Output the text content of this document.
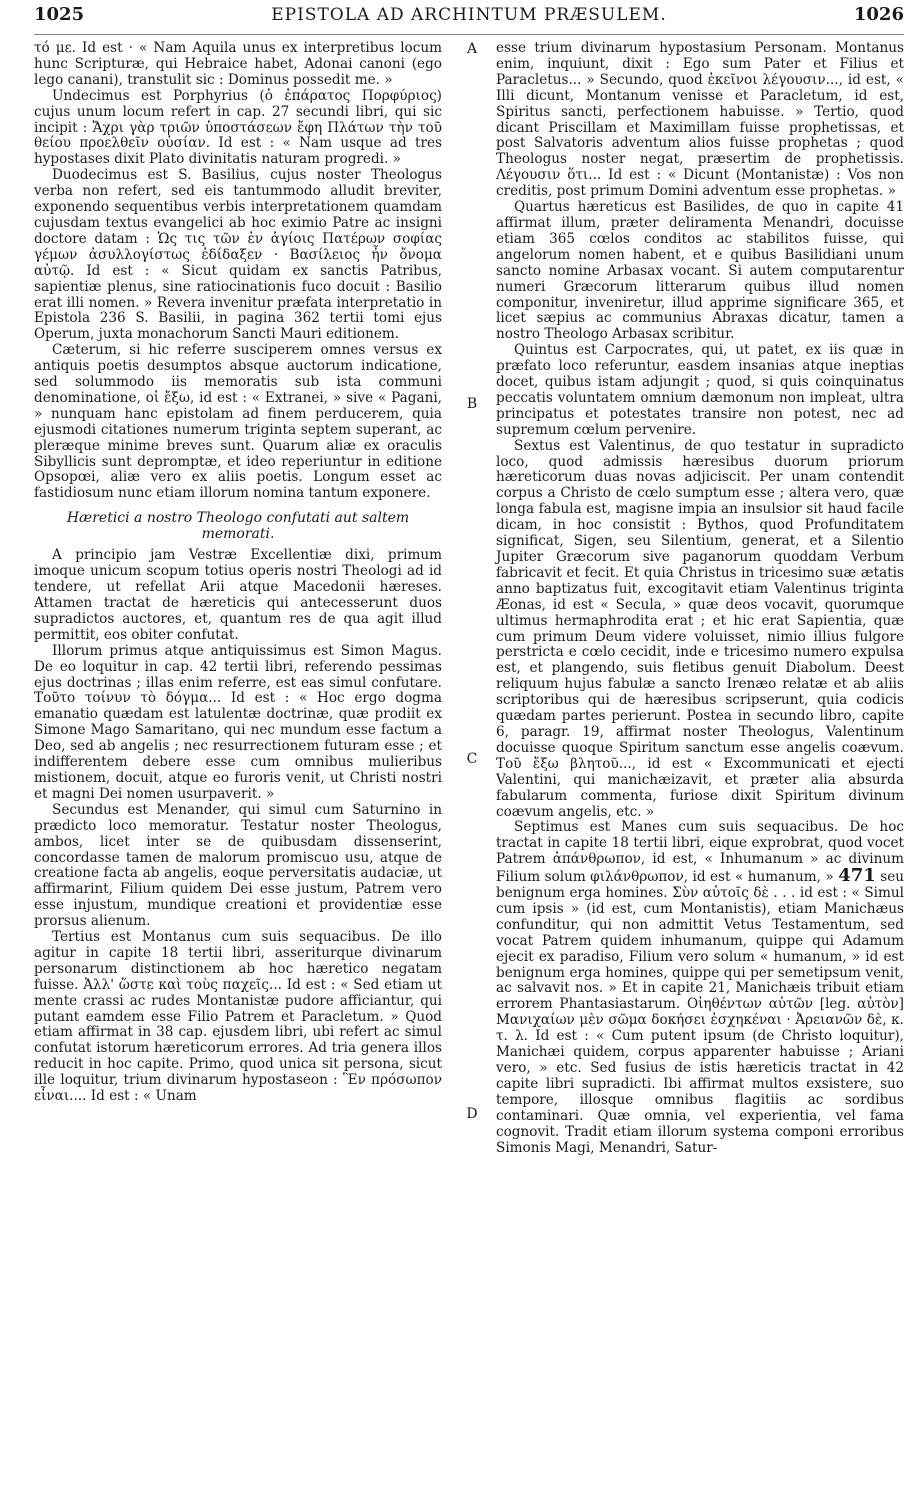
1025	EPISTOLA AD ARCHINTUM PRÆSULEM.	1026
A
B
C
D

τό με. Id est · « Nam Aquila unus ex interpretibus locum hunc Scripturæ, qui Hebraice habet, Adonai canoni (ego lego canani), transtulit sic : Dominus possedit me. »

Undecimus est Porphyrius (ὁ ἐπάρατος Πορφύριος) cujus unum locum refert in cap. 27 secundi libri, qui sic incipit : Ἄχρι γὰρ τριῶν ὑποστάσεων ἔφη Πλάτων τὴν τοῦ θείου προελθεῖν οὐσίαν. Id est : « Nam usque ad tres hypostases dixit Plato divinitatis naturam progredi. »

Duodecimus est S. Basilius, cujus noster Theologus verba non refert, sed eis tantummodo alludit breviter, exponendo sequentibus verbis interpretationem quamdam cujusdam textus evangelici ab hoc eximio Patre ac insigni doctore datam : Ὡς τις τῶν ἐν ἁγίοις Πατέρων σοφίας γέμων ἀσυλλογίστως ἐδίδαξεν · Βασίλειος ἦν ὄνομα αὐτῷ. Id est : « Sicut quidam ex sanctis Patribus, sapientiæ plenus, sine ratiocinationis fuco docuit : Basilio erat illi nomen. » Revera invenitur præfata interpretatio in Epistola 236 S. Basilii, in pagina 362 tertii tomi ejus Operum, juxta monachorum Sancti Mauri editionem.

Cæterum, si hic referre susciperem omnes versus ex antiquis poetis desumptos absque auctorum indicatione, sed solummodo iis memoratis sub ista communi denominatione, οἱ ἔξω, id est : « Extranei, » sive « Pagani, » nunquam hanc epistolam ad finem perducerem, quia ejusmodi citationes numerum triginta septem superant, ac pleræque minime breves sunt. Quarum aliæ ex oraculis Sibyllicis sunt depromptæ, et ideo reperiuntur in editione Opsopœi, aliæ vero ex aliis poetis. Longum esset ac fastidiosum nunc etiam illorum nomina tantum exponere.

Hæretici a nostro Theologo confutati aut saltem memorati.

A principio jam Vestræ Excellentiæ dixi, primum imoque unicum scopum totius operis nostri Theologi ad id tendere, ut refellat Arii atque Macedonii hæreses. Attamen tractat de hæreticis qui antecesserunt duos supradictos auctores, et, quantum res de qua agit illud permittit, eos obiter confutat.

Illorum primus atque antiquissimus est Simon Magus. De eo loquitur in cap. 42 tertii libri, referendo pessimas ejus doctrinas ; illas enim referre, est eas simul confutare. Τοῦτο τοίνυν τὸ δόγμα... Id est : « Hoc ergo dogma emanatio quædam est latulentæ doctrinæ, quæ prodiit ex Simone Mago Samaritano, qui nec mundum esse factum a Deo, sed ab angelis ; nec resurrectionem futuram esse ; et indifferentem debere esse cum omnibus mulieribus mistionem, docuit, atque eo furoris venit, ut Christi nostri et magni Dei nomen usurpaverit. »

Secundus est Menander, qui simul cum Saturnino in prædicto loco memoratur. Testatur noster Theologus, ambos, licet inter se de quibusdam dissenserint, concordasse tamen de malorum promiscuo usu, atque de creatione facta ab angelis, eoque perversitatis audaciæ, ut affirmarint, Filium quidem Dei esse justum, Patrem vero esse injustum, mundique creationi et providentiæ esse prorsus alienum.

Tertius est Montanus cum suis sequacibus. De illo agitur in capite 18 tertii libri, asseriturque divinarum personarum distinctionem ab hoc hæretico negatam fuisse. Ἀλλ' ὥστε καὶ τοὺς παχεῖς... Id est : « Sed etiam ut mente crassi ac rudes Montanistæ pudore afficiantur, qui putant eamdem esse Filio Patrem et Paracletum. » Quod etiam affirmat in 38 cap. ejusdem libri, ubi refert ac simul confutat istorum hæreticorum errores. Ad tria genera illos reducit in hoc capite. Primo, quod unica sit persona, sicut ille loquitur, trium divinarum hypostaseon : Ἓν πρόσωπον εἶναι.... Id est : « Unam

esse trium divinarum hypostasium Personam. Montanus enim, inquiunt, dixit : Ego sum Pater et Filius et Paracletus... » Secundo, quod ἐκεῖνοι λέγουσιν..., id est, « Illi dicunt, Montanum venisse et Paracletum, id est, Spiritus sancti, perfectionem habuisse. » Tertio, quod dicant Priscillam et Maximillam fuisse prophetissas, et post Salvatoris adventum alios fuisse prophetas ; quod Theologus noster negat, præsertim de prophetissis. Λέγουσιν ὅτι... Id est : « Dicunt (Montanistæ) : Vos non creditis, post primum Domini adventum esse prophetas. »

Quartus hæreticus est Basilides, de quo in capite 41 affirmat illum, præter deliramenta Menandri, docuisse etiam 365 cœlos conditos ac stabilitos fuisse, qui angelorum nomen habent, et e quibus Basilidiani unum sancto nomine Arbasax vocant. Si autem computarentur numeri Græcorum litterarum quibus illud nomen componitur, inveniretur, illud apprime significare 365, et licet sæpius ac communius Abraxas dicatur, tamen a nostro Theologo Arbasax scribitur.

Quintus est Carpocrates, qui, ut patet, ex iis quæ in præfato loco referuntur, easdem insanias atque ineptias docet, quibus istam adjungit ; quod, si quis coinquinatus peccatis voluntatem omnium dæmonum non impleat, ultra principatus et potestates transire non potest, nec ad supremum cœlum pervenire.

Sextus est Valentinus, de quo testatur in supradicto loco, quod admissis hæresibus duorum priorum hæreticorum duas novas adjiciscit. Per unam contendit corpus a Christo de cœlo sumptum esse ; altera vero, quæ longa fabula est, magisne impia an insulsior sit haud facile dicam, in hoc consistit : Bythos, quod Profunditatem significat, Sigen, seu Silentium, generat, et a Silentio Jupiter Græcorum sive paganorum quoddam Verbum fabricavit et fecit. Et quia Christus in tricesimo suæ ætatis anno baptizatus fuit, excogitavit etiam Valentinus triginta Æonas, id est « Secula, » quæ deos vocavit, quorumque ultimus hermaphrodita erat ; et hic erat Sapientia, quæ cum primum Deum videre voluisset, nimio illius fulgore perstricta e cœlo cecidit, inde e tricesimo numero expulsa est, et plangendo, suis fletibus genuit Diabolum. Deest reliquum hujus fabulæ a sancto Irenæo relatæ et ab aliis scriptoribus qui de hæresibus scripserunt, quia codicis quædam partes perierunt. Postea in secundo libro, capite 6, paragr. 19, affirmat noster Theologus, Valentinum docuisse quoque Spiritum sanctum esse angelis coævum. Τοῦ ἔξω βλητοῦ..., id est « Excommunicati et ejecti Valentini, qui manichæizavit, et præter alia absurda fabularum commenta, furiose dixit Spiritum divinum coævum angelis, etc. »

Septimus est Manes cum suis sequacibus. De hoc tractat in capite 18 tertii libri, eique exprobrat, quod vocet Patrem ἀπάνθρωπον, id est, « Inhumanum » ac divinum Filium solum φιλάνθρωπον, id est « humanum, » 471 seu benignum erga homines. Σὺν αὐτοῖς δὲ . . . id est : « Simul cum ipsis » (id est, cum Montanistis), etiam Manichæus confunditur, qui non admittit Vetus Testamentum, sed vocat Patrem quidem inhumanum, quippe qui Adamum ejecit ex paradiso, Filium vero solum « humanum, » id est benignum erga homines, quippe qui per semetipsum venit, ac salvavit nos. » Et in capite 21, Manichæis tribuit etiam errorem Phantasiastarum. Οἰηθέντων αὐτῶν [leg. αὐτὸν] Μανιχαίων μὲν σῶμα δοκήσει ἐσχηκέναι · Ἀρειανῶν δὲ, κ. τ. λ. Id est : « Cum putent ipsum (de Christo loquitur), Manichæi quidem, corpus apparenter habuisse ; Ariani vero, » etc. Sed fusius de istis hæreticis tractat in 42 capite libri supradicti. Ibi affirmat multos exsistere, suo tempore, illosque omnibus flagitiis ac sordibus contaminari. Quæ omnia, vel experientia, vel fama cognovit. Tradit etiam illorum systema componi erroribus Simonis Magi, Menandri, Satur-
